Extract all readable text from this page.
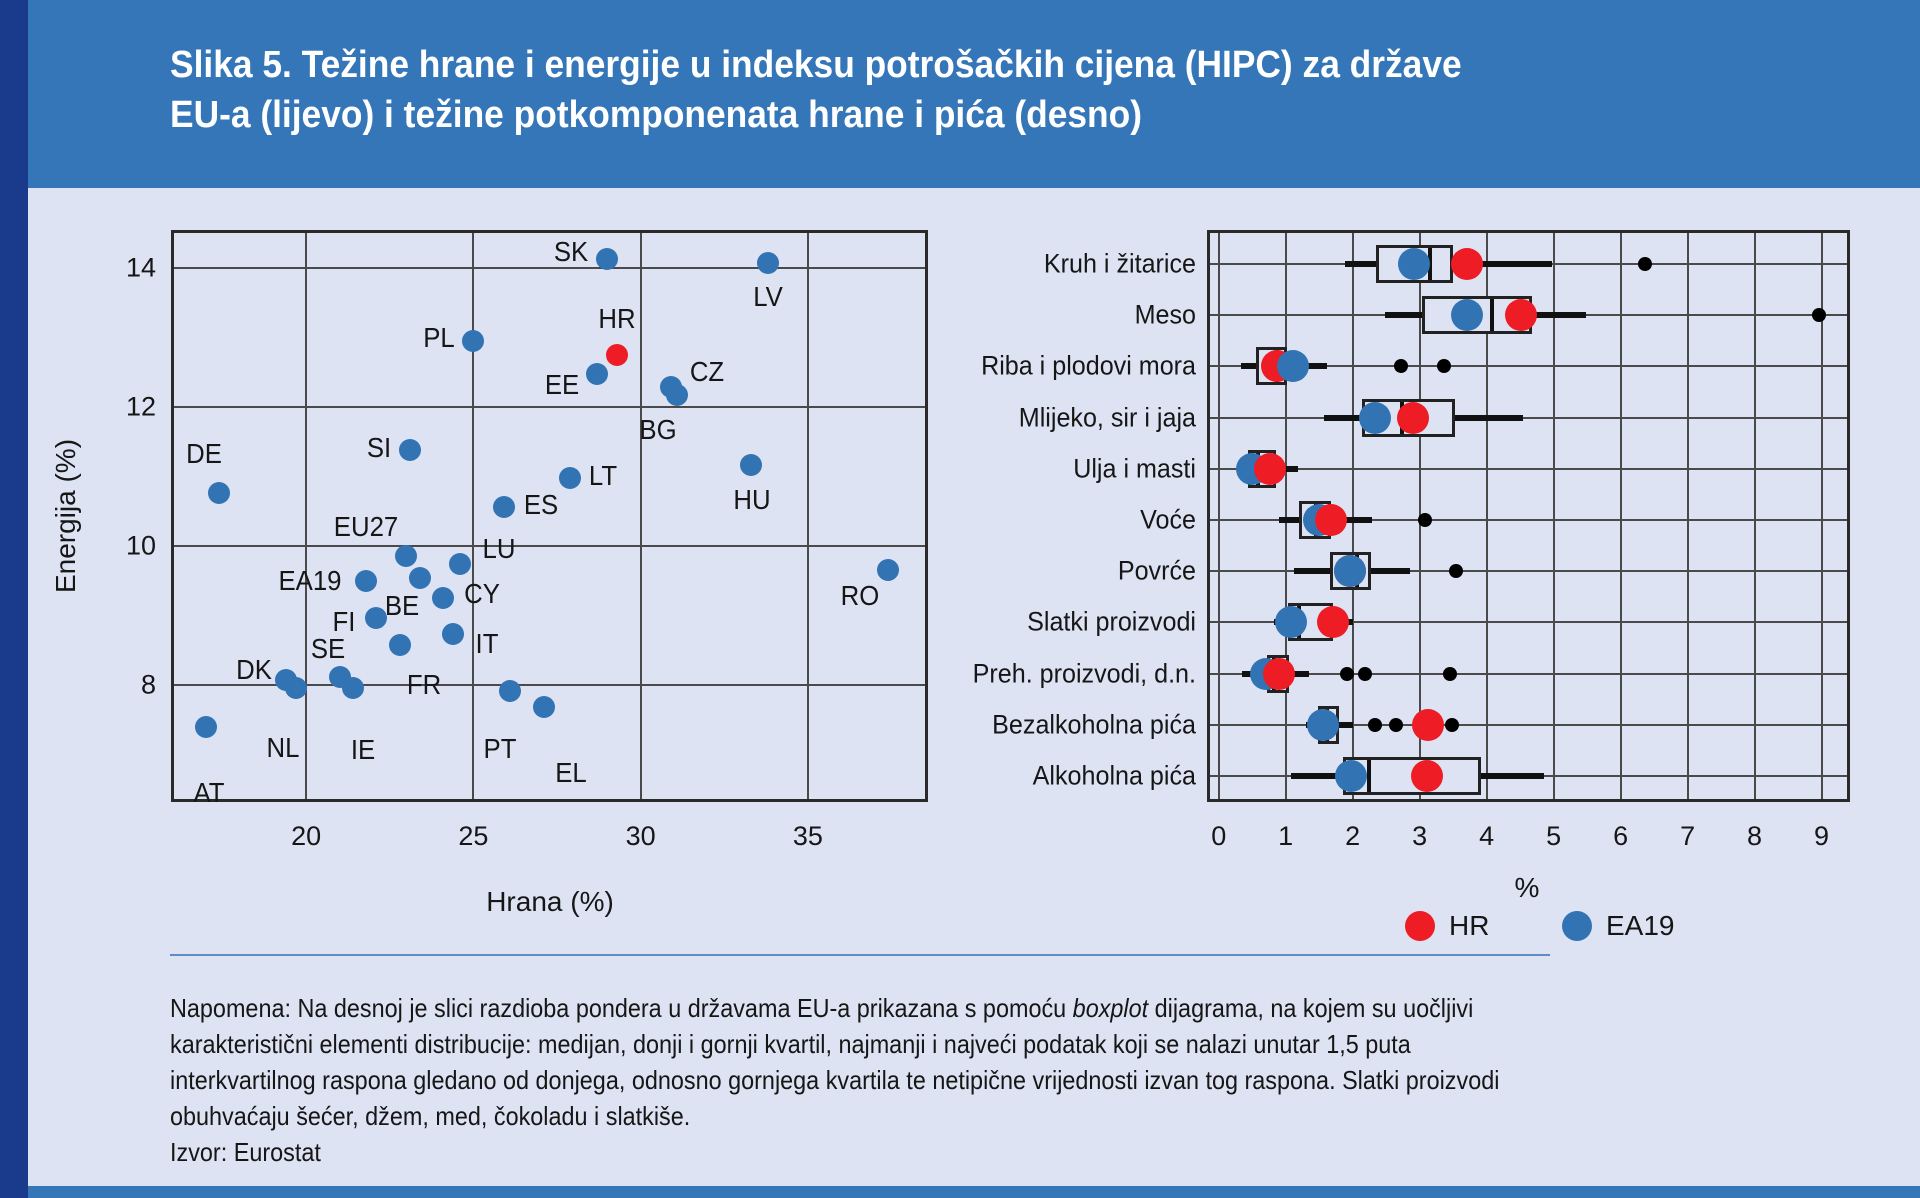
Slika 5. Težine hrane i energije u indeksu potrošačkih cijena (HIPC) za države
EU-a (lijevo) i težine potkomponenata hrane i pića (desno)
Energija (%)
20	25	30	35
8
10
12
14
AT
DE
DK
NL
SE
IE
EA19
FI
FR
SI
EU27
BE CY
IT
LU
PL
ES
PT
EL
LT
EE
SK
HR
CZ
BG
HU
LV
RO
Hrana (%)
0 1 2 3 4 5 6 7 8 9
Kruh i žitarice
Meso
Riba i plodovi mora
Mlijeko, sir i jaja
Ulja i masti
Voće
Povrće
Slatki proizvodi
Preh. proizvodi, d.n.
Bezalkoholna pića
Alkoholna pića
%
HR	EA19
Napomena: Na desnoj je slici razdioba pondera u državama EU-a prikazana s pomoću boxplot dijagrama, na kojem su uočljivi
karakteristični elementi distribucije: medijan, donji i gornji kvartil, najmanji i najveći podatak koji se nalazi unutar 1,5 puta
interkvartilnog raspona gledano od donjega, odnosno gornjega kvartila te netipične vrijednosti izvan tog raspona. Slatki proizvodi
obuhvaćaju šećer, džem, med, čokoladu i slatkiše.
Izvor: Eurostat
